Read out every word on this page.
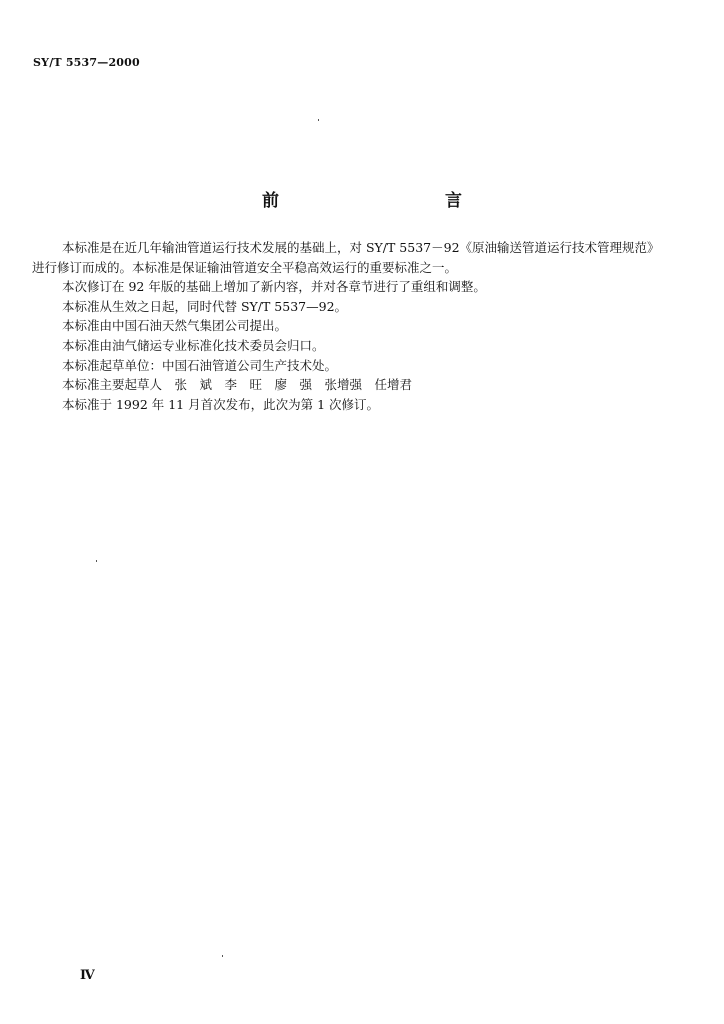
SY/T 5537—2000
前　　言

本标准是在近几年输油管道运行技术发展的基础上，对 SY/T 5537－92《原油输送管道运行技术管理规范》进行修订而成的。本标准是保证输油管道安全平稳高效运行的重要标准之一。

本次修订在 92 年版的基础上增加了新内容，并对各章节进行了重组和调整。

本标准从生效之日起，同时代替 SY/T 5537—92。

本标准由中国石油天然气集团公司提出。

本标准由油气储运专业标准化技术委员会归口。

本标准起草单位：中国石油管道公司生产技术处。

本标准主要起草人　张　斌　李　旺　廖　强　张增强　任增君

本标准于 1992 年 11 月首次发布，此次为第 1 次修订。

Ⅳ
